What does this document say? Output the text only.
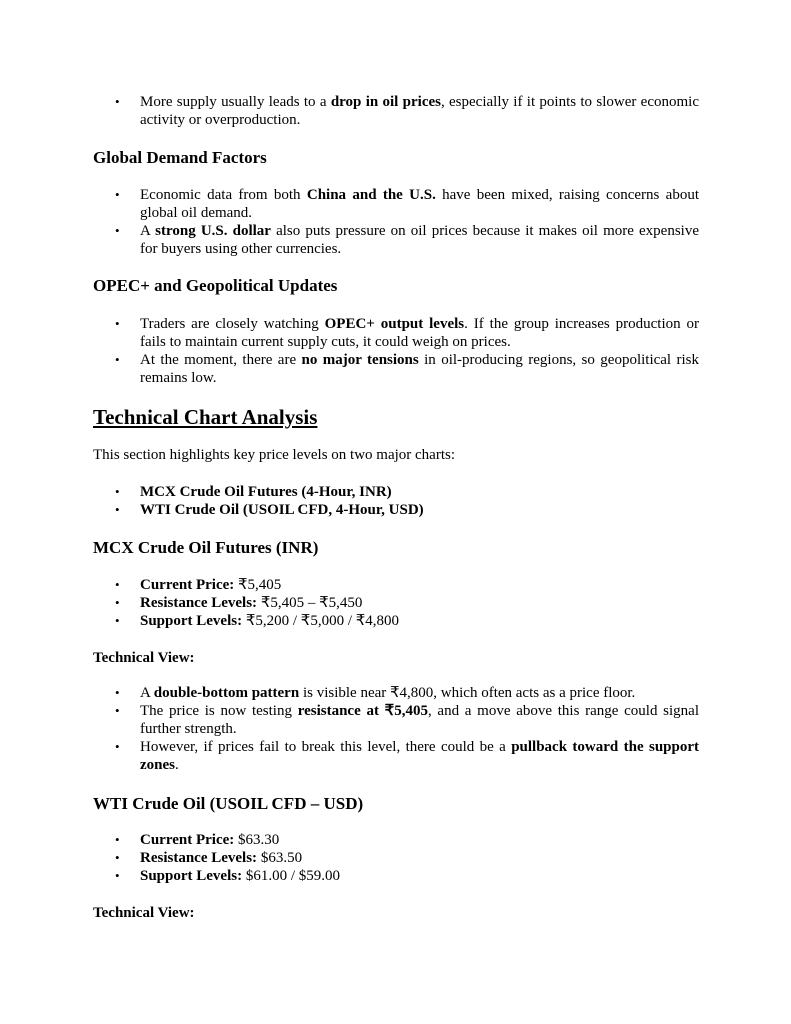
• More supply usually leads to a drop in oil prices, especially if it points to slower economic activity or overproduction.
Global Demand Factors
• Economic data from both China and the U.S. have been mixed, raising concerns about global oil demand.
• A strong U.S. dollar also puts pressure on oil prices because it makes oil more expensive for buyers using other currencies.
OPEC+ and Geopolitical Updates
• Traders are closely watching OPEC+ output levels. If the group increases production or fails to maintain current supply cuts, it could weigh on prices.
• At the moment, there are no major tensions in oil-producing regions, so geopolitical risk remains low.
Technical Chart Analysis

This section highlights key price levels on two major charts:

• MCX Crude Oil Futures (4-Hour, INR)
• WTI Crude Oil (USOIL CFD, 4-Hour, USD)
MCX Crude Oil Futures (INR)
• Current Price: ₹5,405
• Resistance Levels: ₹5,405 – ₹5,450
• Support Levels: ₹5,200 / ₹5,000 / ₹4,800
Technical View:
• A double-bottom pattern is visible near ₹4,800, which often acts as a price floor.
• The price is now testing resistance at ₹5,405, and a move above this range could signal further strength.
• However, if prices fail to break this level, there could be a pullback toward the support zones.
WTI Crude Oil (USOIL CFD – USD)
• Current Price: $63.30
• Resistance Levels: $63.50
• Support Levels: $61.00 / $59.00
Technical View:
